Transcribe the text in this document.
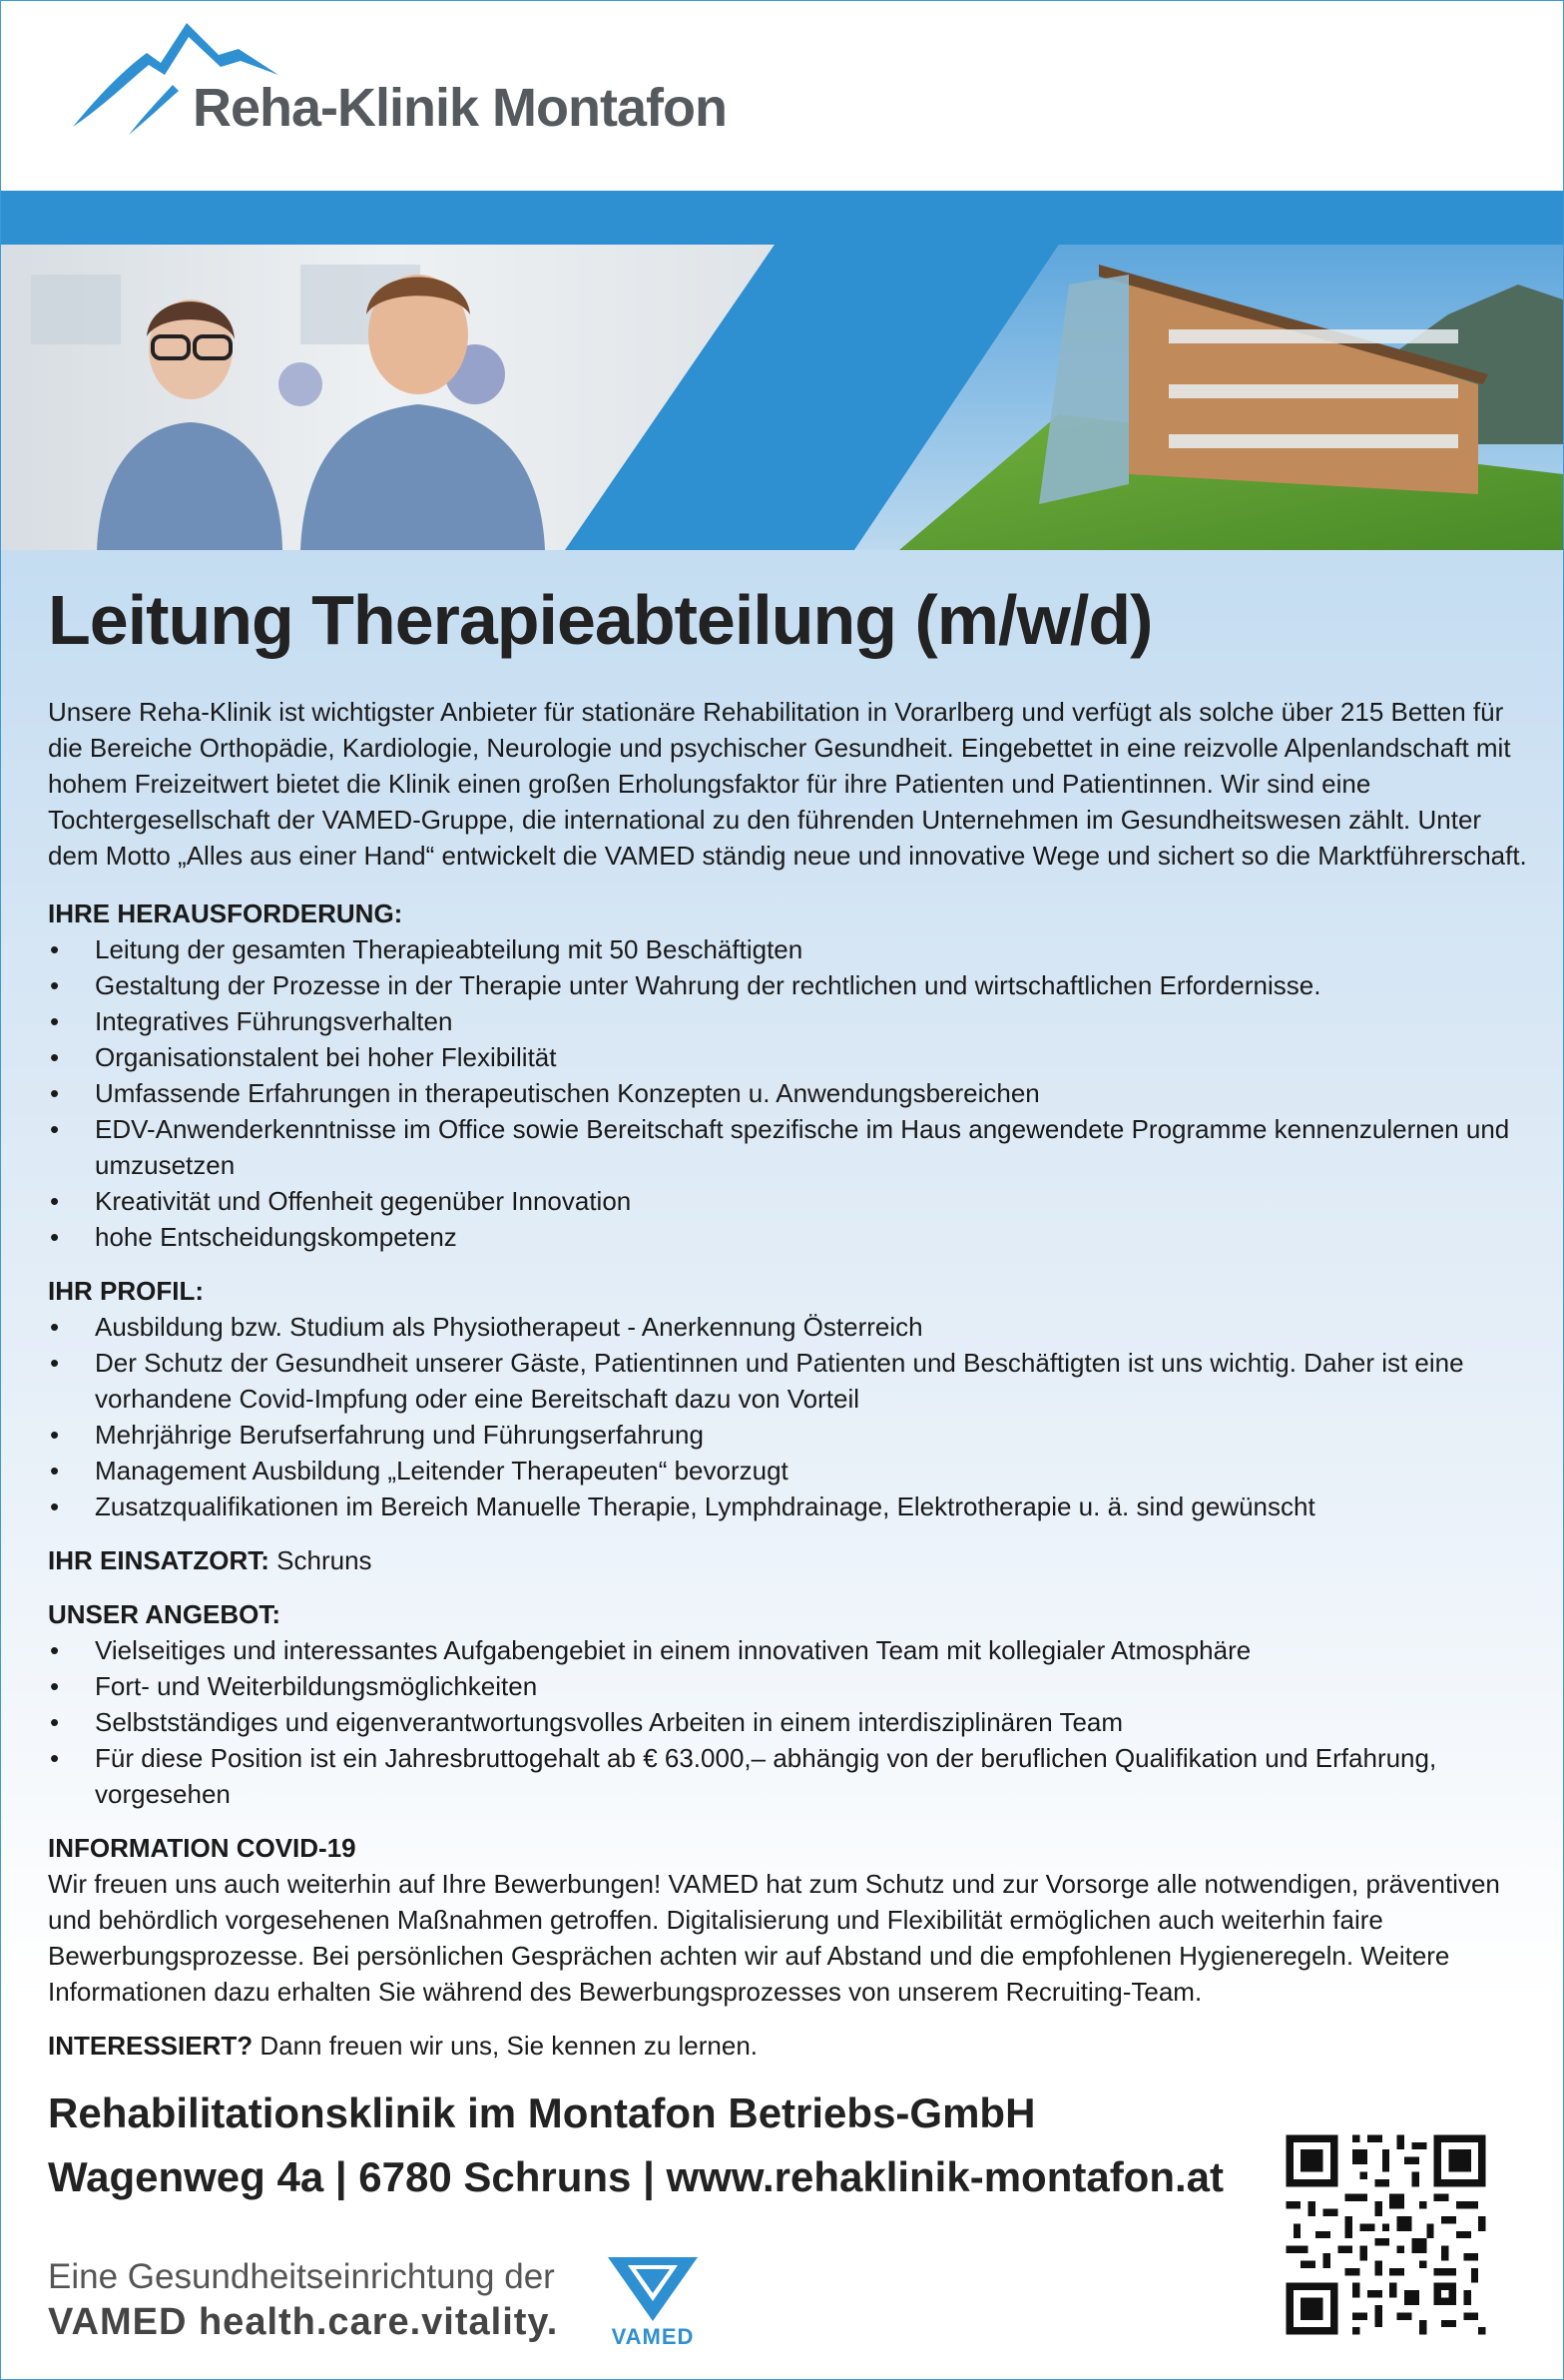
Reha-Klinik Montafon
Leitung Therapieabteilung (m/w/d)

Unsere Reha-Klinik ist wichtigster Anbieter für stationäre Rehabilitation in Vorarlberg und verfügt als solche über 215 Betten für die Bereiche Orthopädie, Kardiologie, Neurologie und psychischer Gesundheit. Eingebettet in eine reizvolle Alpenlandschaft mit hohem Freizeitwert bietet die Klinik einen großen Erholungsfaktor für ihre Patienten und Patientinnen. Wir sind eine Tochtergesellschaft der VAMED-Gruppe, die international zu den führenden Unternehmen im Gesundheitswesen zählt. Unter dem Motto „Alles aus einer Hand“ entwickelt die VAMED ständig neue und innovative Wege und sichert so die Marktführerschaft.

IHRE HERAUSFORDERUNG:

• Leitung der gesamten Therapieabteilung mit 50 Beschäftigten
• Gestaltung der Prozesse in der Therapie unter Wahrung der rechtlichen und wirtschaftlichen Erfordernisse.
• Integratives Führungsverhalten
• Organisationstalent bei hoher Flexibilität
• Umfassende Erfahrungen in therapeutischen Konzepten u. Anwendungsbereichen
• EDV-Anwenderkenntnisse im Office sowie Bereitschaft spezifische im Haus angewendete Programme kennenzulernen und umzusetzen
• Kreativität und Offenheit gegenüber Innovation
• hohe Entscheidungskompetenz

IHR PROFIL:

• Ausbildung bzw. Studium als Physiotherapeut - Anerkennung Österreich
• Der Schutz der Gesundheit unserer Gäste, Patientinnen und Patienten und Beschäftigten ist uns wichtig. Daher ist eine vorhandene Covid-Impfung oder eine Bereitschaft dazu von Vorteil
• Mehrjährige Berufserfahrung und Führungserfahrung
• Management Ausbildung „Leitender Therapeuten“ bevorzugt
• Zusatzqualifikationen im Bereich Manuelle Therapie, Lymphdrainage, Elektrotherapie u. ä. sind gewünscht

IHR EINSATZORT: Schruns

UNSER ANGEBOT:

• Vielseitiges und interessantes Aufgabengebiet in einem innovativen Team mit kollegialer Atmosphäre
• Fort- und Weiterbildungsmöglichkeiten
• Selbstständiges und eigenverantwortungsvolles Arbeiten in einem interdisziplinären Team
• Für diese Position ist ein Jahresbruttogehalt ab € 63.000,– abhängig von der beruflichen Qualifikation und Erfahrung, vorgesehen

INFORMATION COVID-19

Wir freuen uns auch weiterhin auf Ihre Bewerbungen! VAMED hat zum Schutz und zur Vorsorge alle notwendigen, präventiven und behördlich vorgesehenen Maßnahmen getroffen. Digitalisierung und Flexibilität ermöglichen auch weiterhin faire Bewerbungsprozesse. Bei persönlichen Gesprächen achten wir auf Abstand und die empfohlenen Hygieneregeln. Weitere Informationen dazu erhalten Sie während des Bewerbungsprozesses von unserem Recruiting-Team.

INTERESSIERT? Dann freuen wir uns, Sie kennen zu lernen.

Rehabilitationsklinik im Montafon Betriebs-GmbH

Wagenweg 4a | 6780 Schruns | www.rehaklinik-montafon.at

Eine Gesundheitseinrichtung der
VAMED health.care.vitality.	VAMED
